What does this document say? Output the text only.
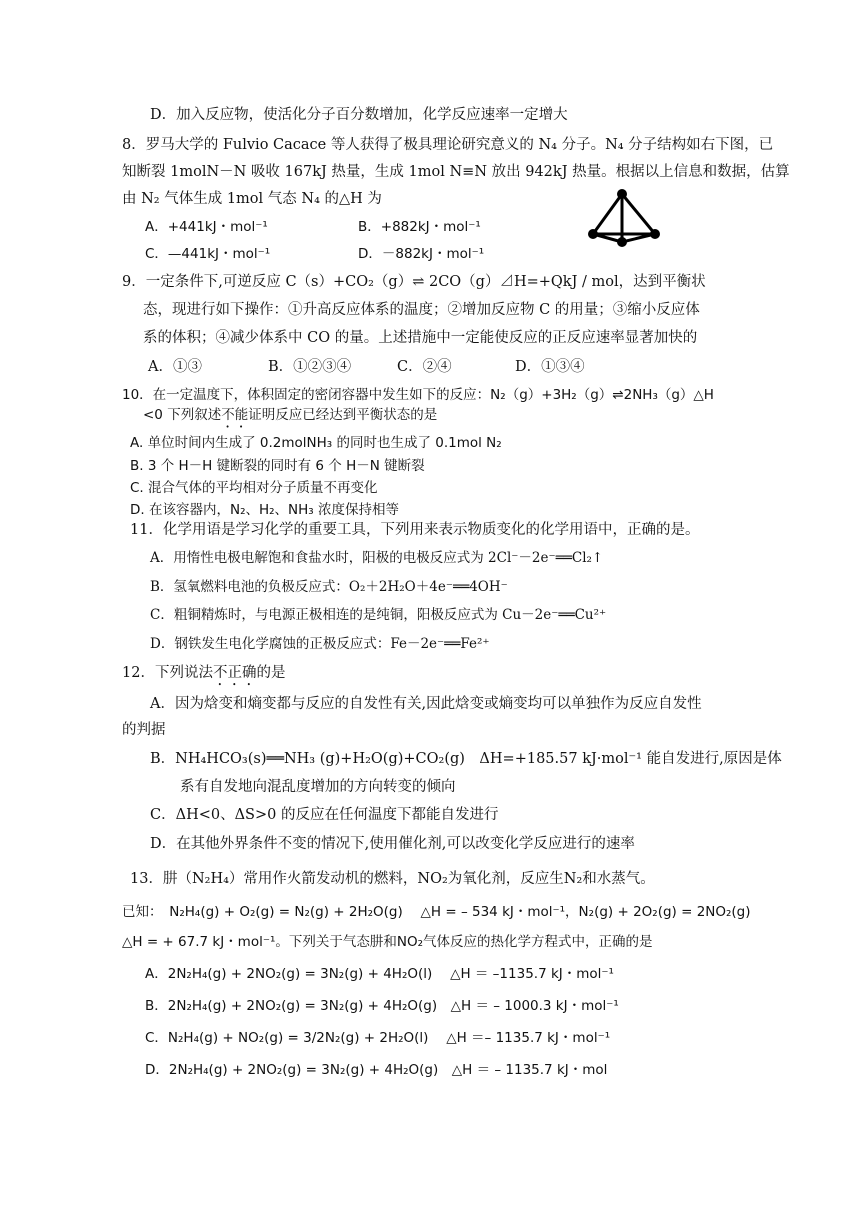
D．加入反应物，使活化分子百分数增加，化学反应速率一定增大
8．罗马大学的 Fulvio Cacace 等人获得了极具理论研究意义的 N₄ 分子。N₄ 分子结构如右下图，已
知断裂 1molN－N 吸收 167kJ 热量，生成 1mol N≡N 放出 942kJ 热量。根据以上信息和数据，估算
由 N₂ 气体生成 1mol 气态 N₄ 的△H 为
A．+441kJ・mol⁻¹	B．+882kJ・mol⁻¹
C．—441kJ・mol⁻¹	D．－882kJ・mol⁻¹
9．一定条件下,可逆反应 C（s）+CO₂（g）⇌ 2CO（g）⊿H=+QkJ / mol，达到平衡状
态，现进行如下操作：①升高反应体系的温度；②增加反应物 C 的用量；③缩小反应体
系的体积；④减少体系中 CO 的量。上述措施中一定能使反应的正反应速率显著加快的
A．①③	B．①②③④	C．②④	D．①③④
10．在一定温度下，体积固定的密闭容器中发生如下的反应：N₂（g）+3H₂（g）⇌2NH₃（g）△H
<0 下列叙述不能证明反应已经达到平衡状态的是
A. 单位时间内生成了 0.2molNH₃ 的同时也生成了 0.1mol N₂
B. 3 个 H－H 键断裂的同时有 6 个 H－N 键断裂
C. 混合气体的平均相对分子质量不再变化
D. 在该容器内，N₂、H₂、NH₃ 浓度保持相等
11．化学用语是学习化学的重要工具，下列用来表示物质变化的化学用语中，正确的是。
A．用惰性电极电解饱和食盐水时，阳极的电极反应式为 2Cl⁻－2e⁻══Cl₂↑
B．氢氧燃料电池的负极反应式：O₂＋2H₂O＋4e⁻══4OH⁻
C．粗铜精炼时，与电源正极相连的是纯铜，阳极反应式为 Cu－2e⁻══Cu²⁺
D．钢铁发生电化学腐蚀的正极反应式：Fe－2e⁻══Fe²⁺
12．下列说法不正确的是
A．因为焓变和熵变都与反应的自发性有关,因此焓变或熵变均可以单独作为反应自发性
的判据
B．NH₄HCO₃(s)══NH₃ (g)+H₂O(g)+CO₂(g)　ΔH=+185.57 kJ·mol⁻¹ 能自发进行,原因是体
系有自发地向混乱度增加的方向转变的倾向
C．ΔH<0、ΔS>0 的反应在任何温度下都能自发进行
D．在其他外界条件不变的情况下,使用催化剂,可以改变化学反应进行的速率
13．肼（N₂H₄）常用作火箭发动机的燃料，NO₂为氧化剂，反应生N₂和水蒸气。
已知：　N₂H₄(g) + O₂(g) = N₂(g) + 2H₂O(g)　 △H = – 534 kJ・mol⁻¹，N₂(g) + 2O₂(g) = 2NO₂(g)
△H = + 67.7 kJ・mol⁻¹。下列关于气态肼和NO₂气体反应的热化学方程式中，正确的是
A．2N₂H₄(g) + 2NO₂(g) = 3N₂(g) + 4H₂O(l)　 △H ＝ –1135.7 kJ・mol⁻¹
B．2N₂H₄(g) + 2NO₂(g) = 3N₂(g) + 4H₂O(g)　△H ＝ – 1000.3 kJ・mol⁻¹
C．N₂H₄(g) + NO₂(g) = 3/2N₂(g) + 2H₂O(l)　 △H ＝– 1135.7 kJ・mol⁻¹
D．2N₂H₄(g) + 2NO₂(g) = 3N₂(g) + 4H₂O(g)　△H ＝ – 1135.7 kJ・mol
